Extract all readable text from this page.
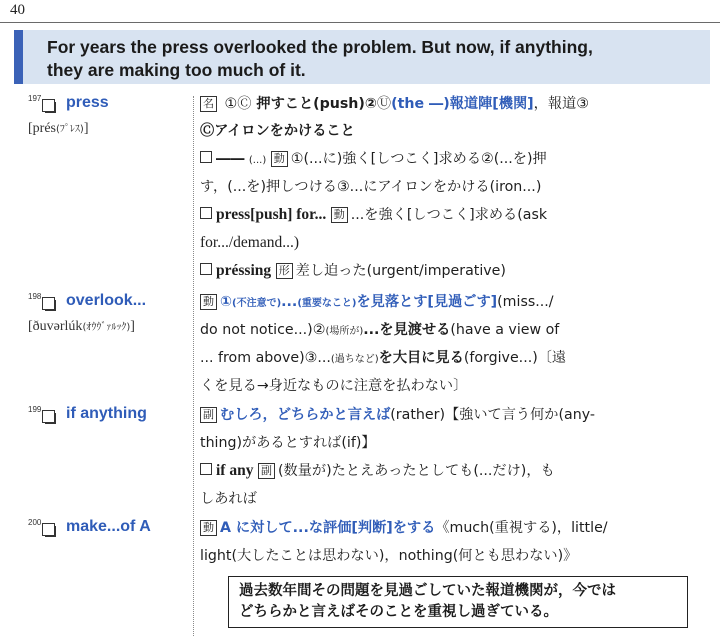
40
For years the press overlooked the problem. But now, if anything,
they are making too much of it.
197 press
[prés(ﾌﾟﾚｽ)]
名 ①Ⓒ 押すこと(push)②Ⓤ(the ―)報道陣[機関]，報道③
Ⓒアイロンをかけること
―― (...) 動 ①(...に)強く[しつこく]求める②(...を)押
す，(...を)押しつける③...にアイロンをかける(iron...)
press[push] for... 動 ...を強く[しつこく]求める(ask
for.../demand...)
préssing 形 差し迫った(urgent/imperative)
198 overlook...
[ðuvərlúk(ｵｳｳﾞｧﾙｯｸ)]
動 ①(不注意で)...(重要なこと)を見落とす[見過ごす](miss.../
do not notice...)②(場所が)...を見渡せる(have a view of
... from above)③...(過ちなど)を大目に見る(forgive...)〔遠
くを見る→身近なものに注意を払わない〕
199 if anything	副 むしろ，どちらかと言えば(rather)【強いて言う何か(any-
thing)があるとすれば(if)】
if any 副 (数量が)たとえあったとしても(...だけ)，も
しあれば
200 make...of A	動 A に対して...な評価[判断]をする《much(重視する)，little/
light(大したことは思わない)，nothing(何とも思わない)》
過去数年間その問題を見過ごしていた報道機関が，今では
どちらかと言えばそのことを重視し過ぎている。
